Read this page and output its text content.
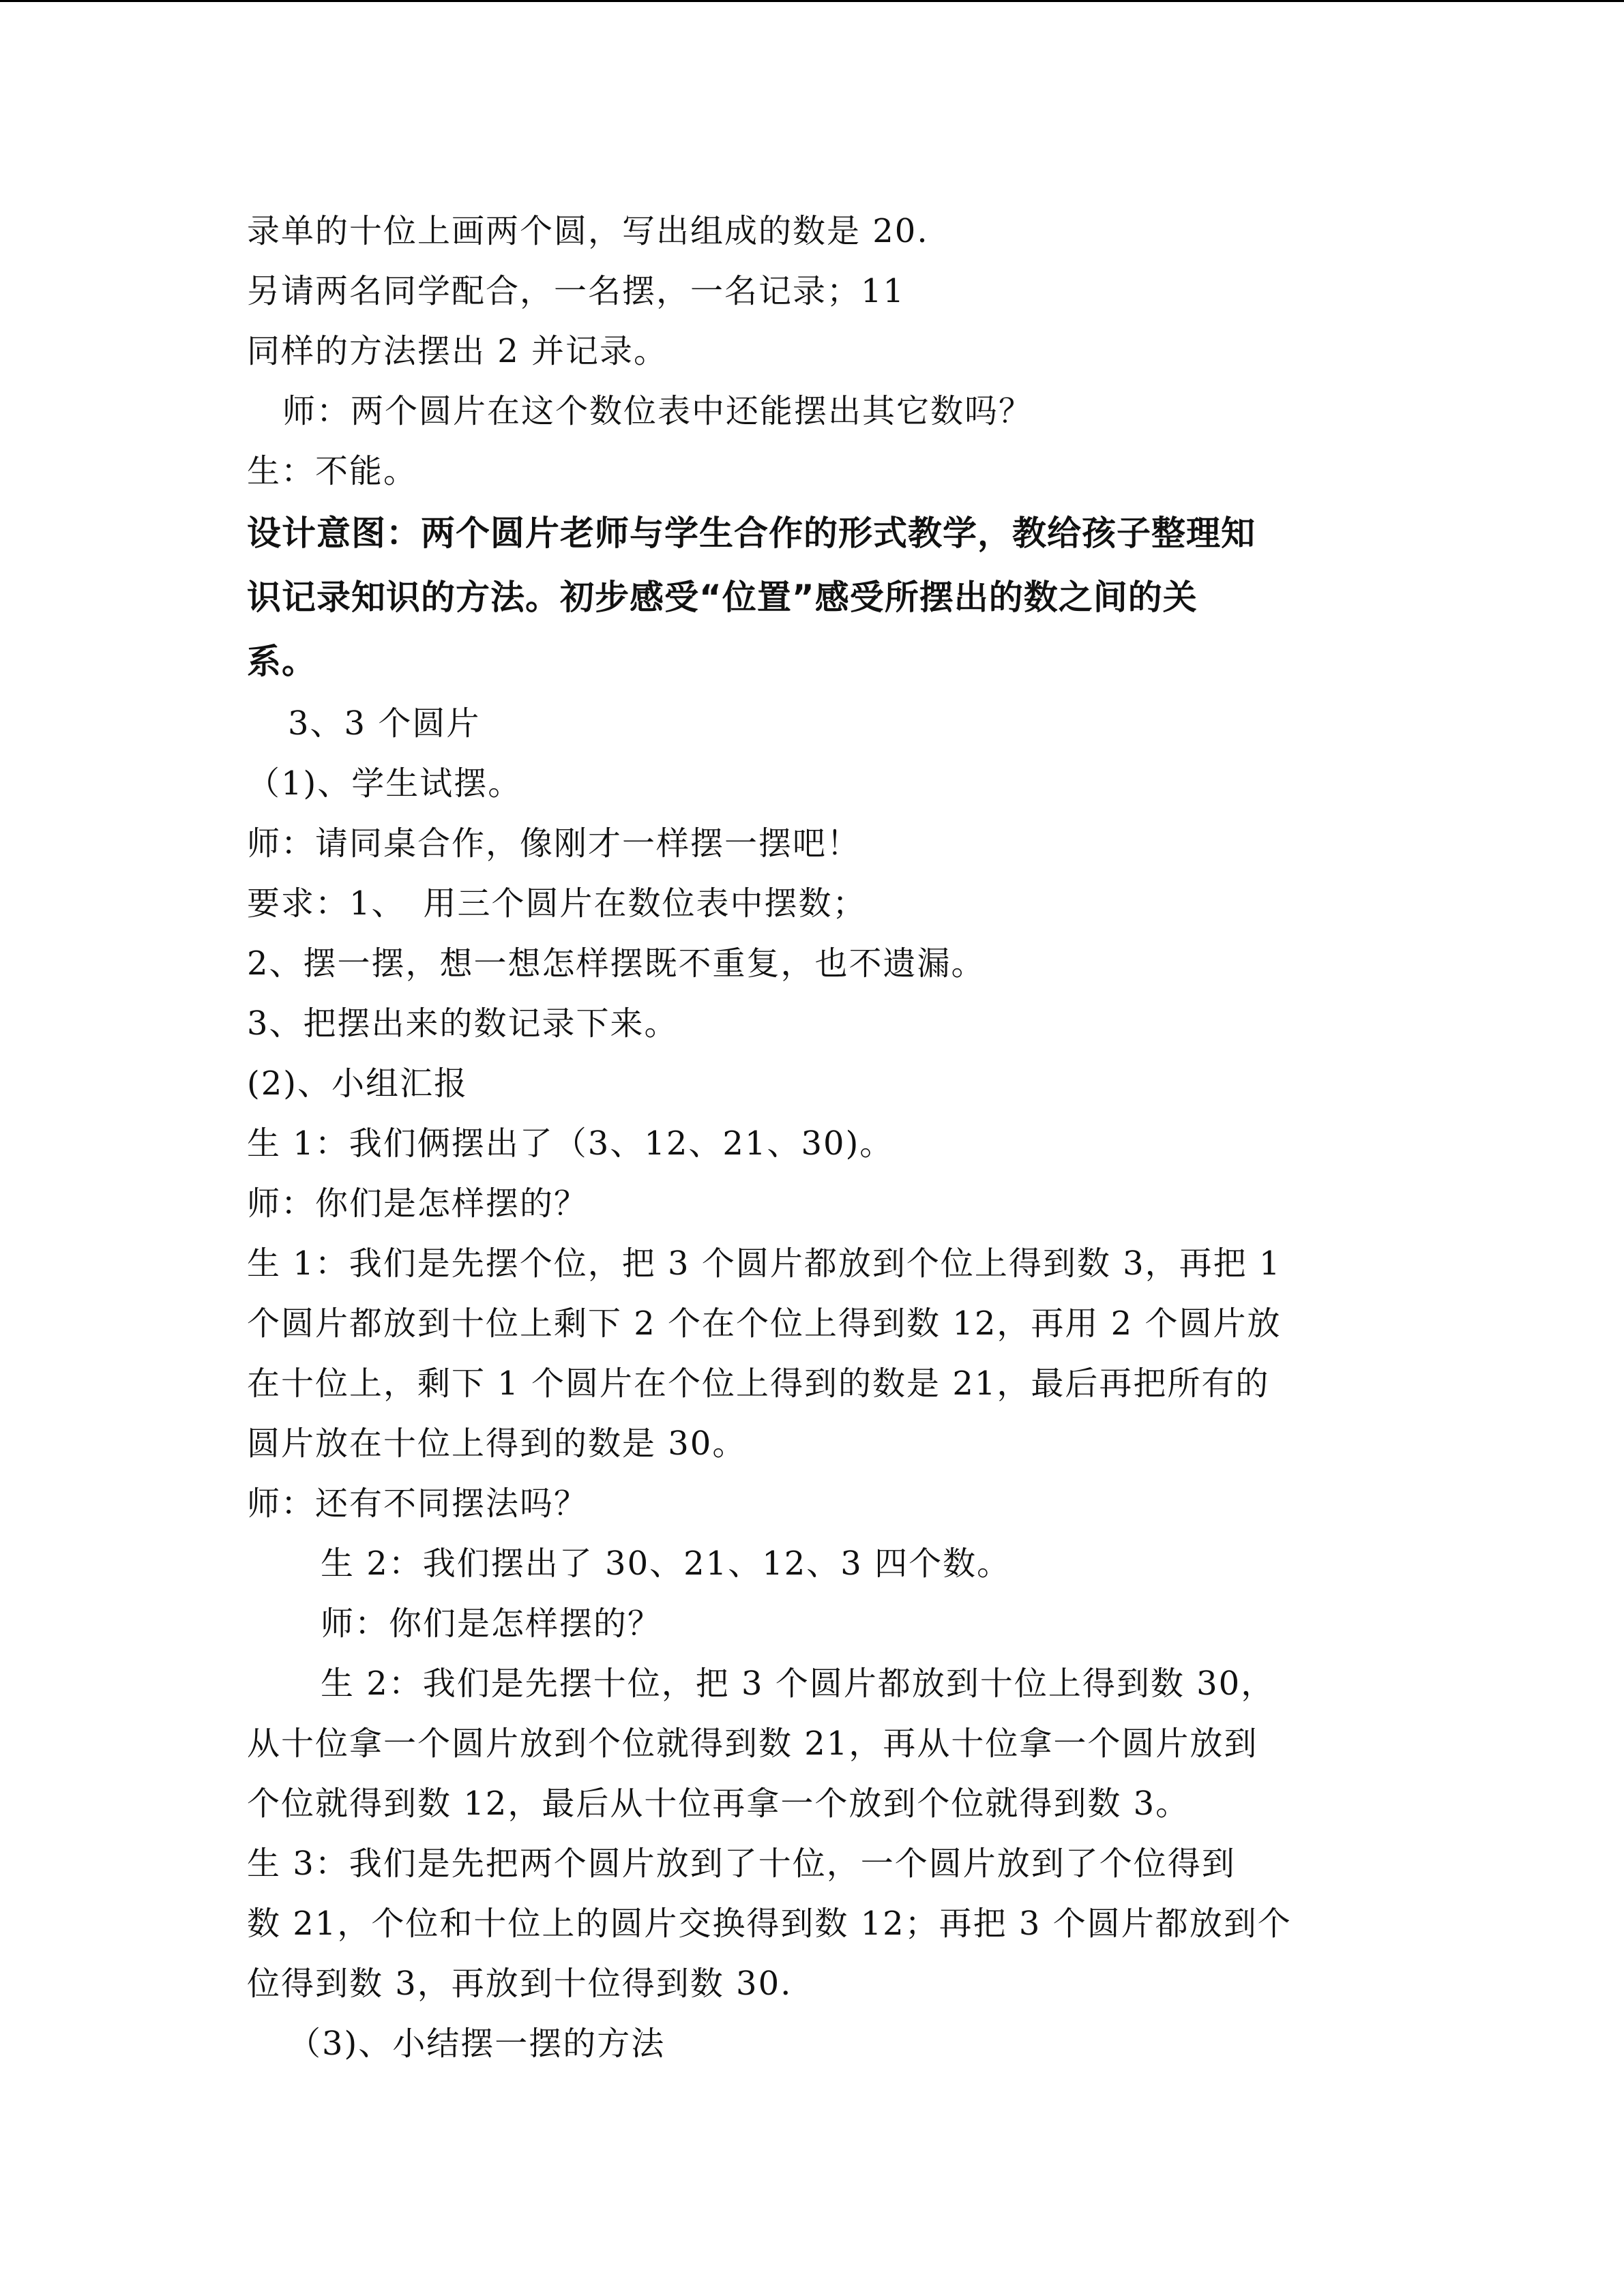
录单的十位上画两个圆，写出组成的数是 20.
另请两名同学配合，一名摆，一名记录；11
同样的方法摆出 2 并记录。
师：两个圆片在这个数位表中还能摆出其它数吗？
生：不能。
设计意图：两个圆片老师与学生合作的形式教学，教给孩子整理知
识记录知识的方法。初步感受“位置”感受所摆出的数之间的关
系。
3、3 个圆片
（1)、学生试摆。
师：请同桌合作，像刚才一样摆一摆吧！
要求：1、　用三个圆片在数位表中摆数；
2、摆一摆，想一想怎样摆既不重复，也不遗漏。
3、把摆出来的数记录下来。
(2)、小组汇报
生 1：我们俩摆出了（3、12、21、30)。
师：你们是怎样摆的？
生 1：我们是先摆个位，把 3 个圆片都放到个位上得到数 3，再把 1
个圆片都放到十位上剩下 2 个在个位上得到数 12，再用 2 个圆片放
在十位上，剩下 1 个圆片在个位上得到的数是 21，最后再把所有的
圆片放在十位上得到的数是 30。
师：还有不同摆法吗？
生 2：我们摆出了 30、21、12、3 四个数。
师：你们是怎样摆的？
生 2：我们是先摆十位，把 3 个圆片都放到十位上得到数 30，
从十位拿一个圆片放到个位就得到数 21，再从十位拿一个圆片放到
个位就得到数 12，最后从十位再拿一个放到个位就得到数 3。
生 3：我们是先把两个圆片放到了十位，一个圆片放到了个位得到
数 21，个位和十位上的圆片交换得到数 12；再把 3 个圆片都放到个
位得到数 3，再放到十位得到数 30.
（3)、小结摆一摆的方法
